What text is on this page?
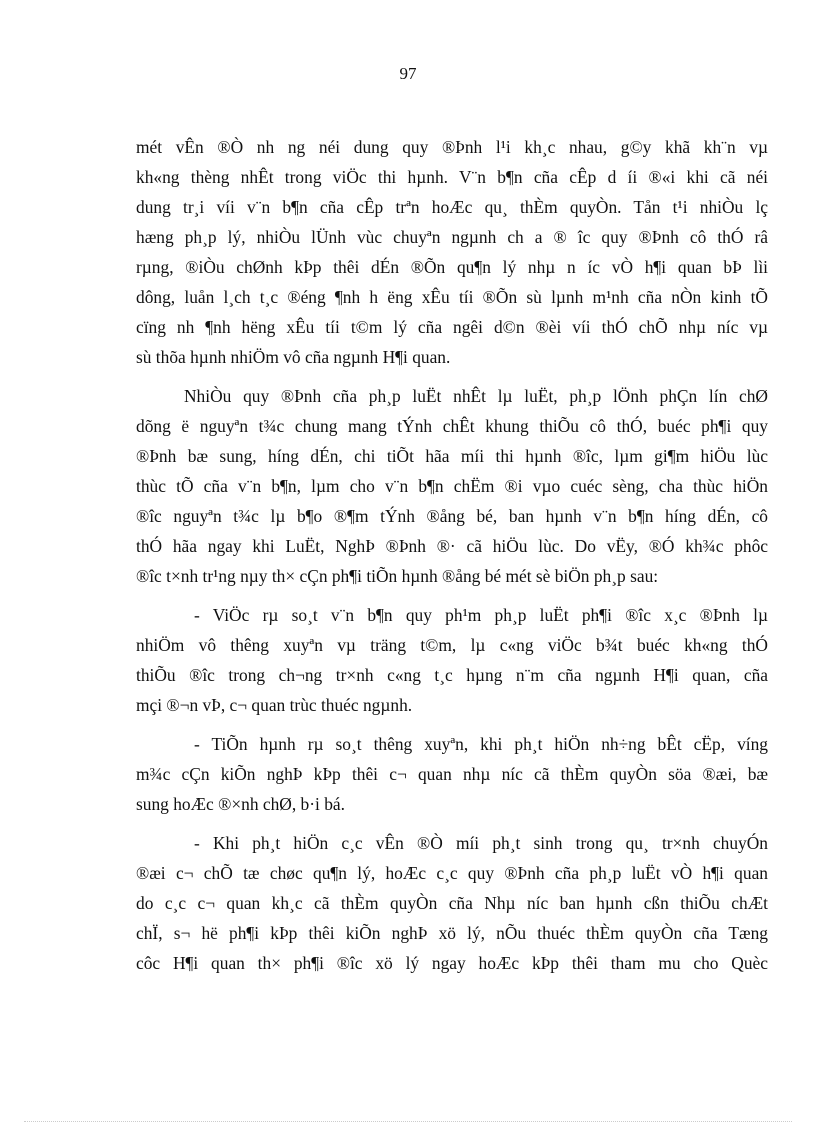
97

mét vÊn ®Ò nh ng néi dung quy ®Þnh l¹i kh¸c nhau, g©y khã kh¨n vµ
kh«ng thèng nhÊt trong viÖc thi hµnh. V¨n b¶n cña cÊp d íi ®«i khi cã néi
dung tr¸i víi v¨n b¶n cña cÊp trªn hoÆc qu¸ thÈm quyÒn. Tån t¹i nhiÒu lç
hæng ph¸p lý, nhiÒu lÜnh vùc chuyªn ngµnh ch a ® îc quy ®Þnh cô thÓ râ
rµng, ®iÒu chØnh kÞp thêi dÉn ®Õn qu¶n lý nhµ n íc vÒ h¶i quan bÞ lìi
dông, luån l¸ch t¸c ®éng ¶nh h ëng xÊu tíi ®Õn sù lµnh m¹nh cña nÒn kinh tÕ
cïng nh ¶nh hëng xÊu tíi t©m lý cña ngêi d©n ®èi víi thÓ chÕ nhµ níc vµ
sù thõa hµnh nhiÖm vô cña ngµnh H¶i quan.

NhiÒu quy ®Þnh cña ph¸p luËt nhÊt lµ luËt, ph¸p lÖnh phÇn lín chØ
dõng ë nguyªn t¾c chung mang tÝnh chÊt khung thiÕu cô thÓ, buéc ph¶i quy
®Þnh bæ sung, híng dÉn, chi tiÕt hãa míi thi hµnh ®îc, lµm gi¶m hiÖu lùc
thùc tÕ cña v¨n b¶n, lµm cho v¨n b¶n chËm ®i vµo cuéc sèng, cha thùc hiÖn
®îc nguyªn t¾c lµ b¶o ®¶m tÝnh ®ång bé, ban hµnh v¨n b¶n híng dÉn, cô
thÓ hãa ngay khi LuËt, NghÞ ®Þnh ®· cã hiÖu lùc. Do vËy, ®Ó kh¾c phôc
®îc t×nh tr¹ng nµy th× cÇn ph¶i tiÕn hµnh ®ång bé mét sè biÖn ph¸p sau:

- ViÖc rµ so¸t v¨n b¶n quy ph¹m ph¸p luËt ph¶i ®îc x¸c ®Þnh lµ
nhiÖm vô thêng xuyªn vµ träng t©m, lµ c«ng viÖc b¾t buéc kh«ng thÓ
thiÕu ®îc trong ch¬ng tr×nh c«ng t¸c hµng n¨m cña ngµnh H¶i quan, cña
mçi ®¬n vÞ, c¬ quan trùc thuéc ngµnh.

- TiÕn hµnh rµ so¸t thêng xuyªn, khi ph¸t hiÖn nh÷ng bÊt cËp, víng
m¾c cÇn kiÕn nghÞ kÞp thêi c¬ quan nhµ níc cã thÈm quyÒn söa ®æi, bæ
sung hoÆc ®×nh chØ, b·i bá.

- Khi ph¸t hiÖn c¸c vÊn ®Ò míi ph¸t sinh trong qu¸ tr×nh chuyÓn
®æi c¬ chÕ tæ chøc qu¶n lý, hoÆc c¸c quy ®Þnh cña ph¸p luËt vÒ h¶i quan
do c¸c c¬ quan kh¸c cã thÈm quyÒn cña Nhµ níc ban hµnh cßn thiÕu chÆt
chÏ, s¬ hë ph¶i kÞp thêi kiÕn nghÞ xö lý, nÕu thuéc thÈm quyÒn cña Tæng
côc H¶i quan th× ph¶i ®îc xö lý ngay hoÆc kÞp thêi tham mu cho Quèc
